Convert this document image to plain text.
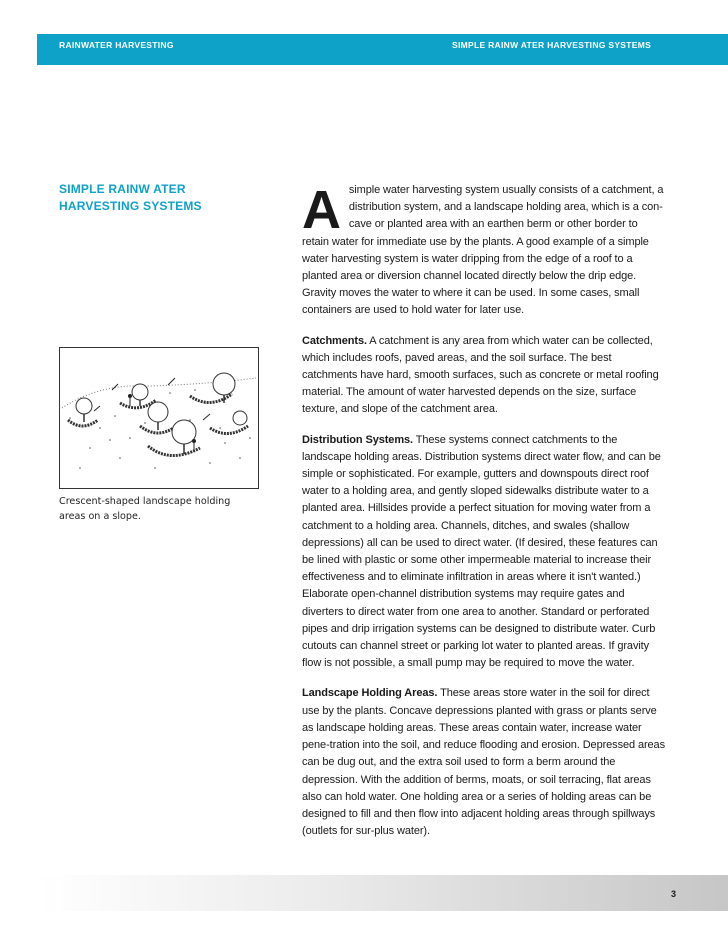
RAINWATER HARVESTING	SIMPLE RAINW ATER HARVESTING SYSTEMS
SIMPLE RAINW ATER
HARVESTING SYSTEMS
Crescent-shaped landscape holding
areas on a slope.

A simple water harvesting system usually consists of a catchment, a distribution system, and a landscape holding area, which is a con-cave or planted area with an earthen berm or other border to retain water for immediate use by the plants. A good example of a simple water harvesting system is water dripping from the edge of a roof to a planted area or diversion channel located directly below the drip edge. Gravity moves the water to where it can be used. In some cases, small containers are used to hold water for later use.

Catchments. A catchment is any area from which water can be collected, which includes roofs, paved areas, and the soil surface. The best catchments have hard, smooth surfaces, such as concrete or metal roofing material. The amount of water harvested depends on the size, surface texture, and slope of the catchment area.

Distribution Systems. These systems connect catchments to the landscape holding areas. Distribution systems direct water flow, and can be simple or sophisticated. For example, gutters and downspouts direct roof water to a holding area, and gently sloped sidewalks distribute water to a planted area. Hillsides provide a perfect situation for moving water from a catchment to a holding area. Channels, ditches, and swales (shallow depressions) all can be used to direct water. (If desired, these features can be lined with plastic or some other impermeable material to increase their effectiveness and to eliminate infiltration in areas where it isn't wanted.) Elaborate open-channel distribution systems may require gates and diverters to direct water from one area to another. Standard or perforated pipes and drip irrigation systems can be designed to distribute water. Curb cutouts can channel street or parking lot water to planted areas. If gravity flow is not possible, a small pump may be required to move the water.

Landscape Holding Areas. These areas store water in the soil for direct use by the plants. Concave depressions planted with grass or plants serve as landscape holding areas. These areas contain water, increase water pene-tration into the soil, and reduce flooding and erosion. Depressed areas can be dug out, and the extra soil used to form a berm around the depression. With the addition of berms, moats, or soil terracing, flat areas also can hold water. One holding area or a series of holding areas can be designed to fill and then flow into adjacent holding areas through spillways (outlets for sur-plus water).

3
